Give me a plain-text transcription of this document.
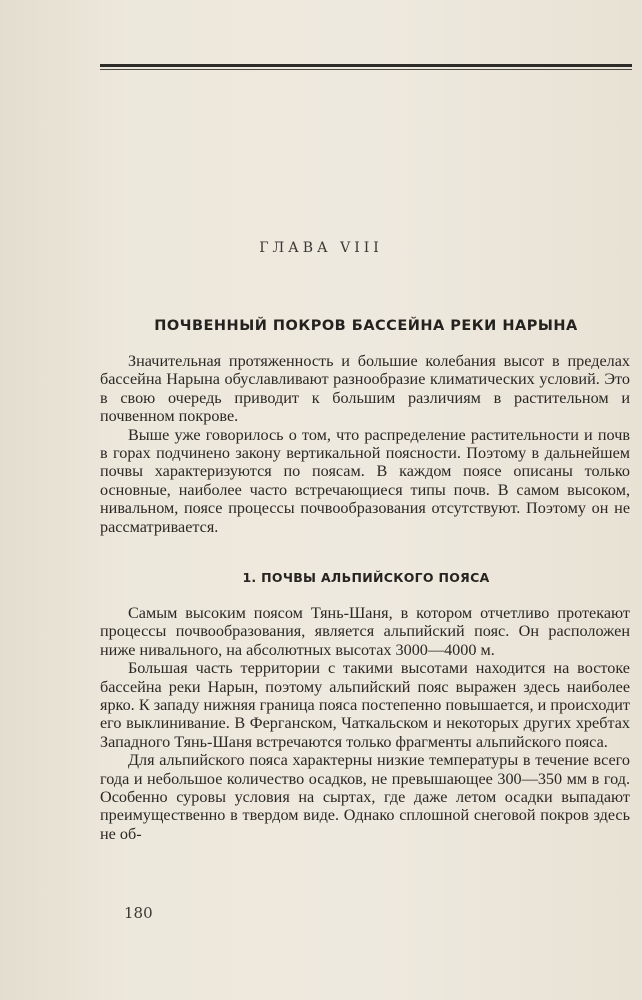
ГЛАВА VIII
ПОЧВЕННЫЙ ПОКРОВ БАССЕЙНА РЕКИ НАРЫНА

Значительная протяженность и большие колебания высот в пределах бассейна Нарына обуславливают разнообразие климатических условий. Это в свою очередь приводит к большим различиям в растительном и почвенном покрове.

Выше уже говорилось о том, что распределение растительности и почв в горах подчинено закону вертикальной поясности. Поэтому в дальнейшем почвы характеризуются по поясам. В каждом поясе описаны только основные, наиболее часто встречающиеся типы почв. В самом высоком, нивальном, поясе процессы почвообразования отсутствуют. Поэтому он не рассматривается.

1. ПОЧВЫ АЛЬПИЙСКОГО ПОЯСА

Самым высоким поясом Тянь-Шаня, в котором отчетливо протекают процессы почвообразования, является альпийский пояс. Он расположен ниже нивального, на абсолютных высотах 3000—4000 м.

Большая часть территории с такими высотами находится на востоке бассейна реки Нарын, поэтому альпийский пояс выражен здесь наиболее ярко. К западу нижняя граница пояса постепенно повышается, и происходит его выклинивание. В Ферганском, Чаткальском и некоторых других хребтах Западного Тянь-Шаня встречаются только фрагменты альпийского пояса.

Для альпийского пояса характерны низкие температуры в течение всего года и небольшое количество осадков, не превышающее 300—350 мм в год. Особенно суровы условия на сыртах, где даже летом осадки выпадают преимущественно в твердом виде. Однако сплошной снеговой покров здесь не об-

180
